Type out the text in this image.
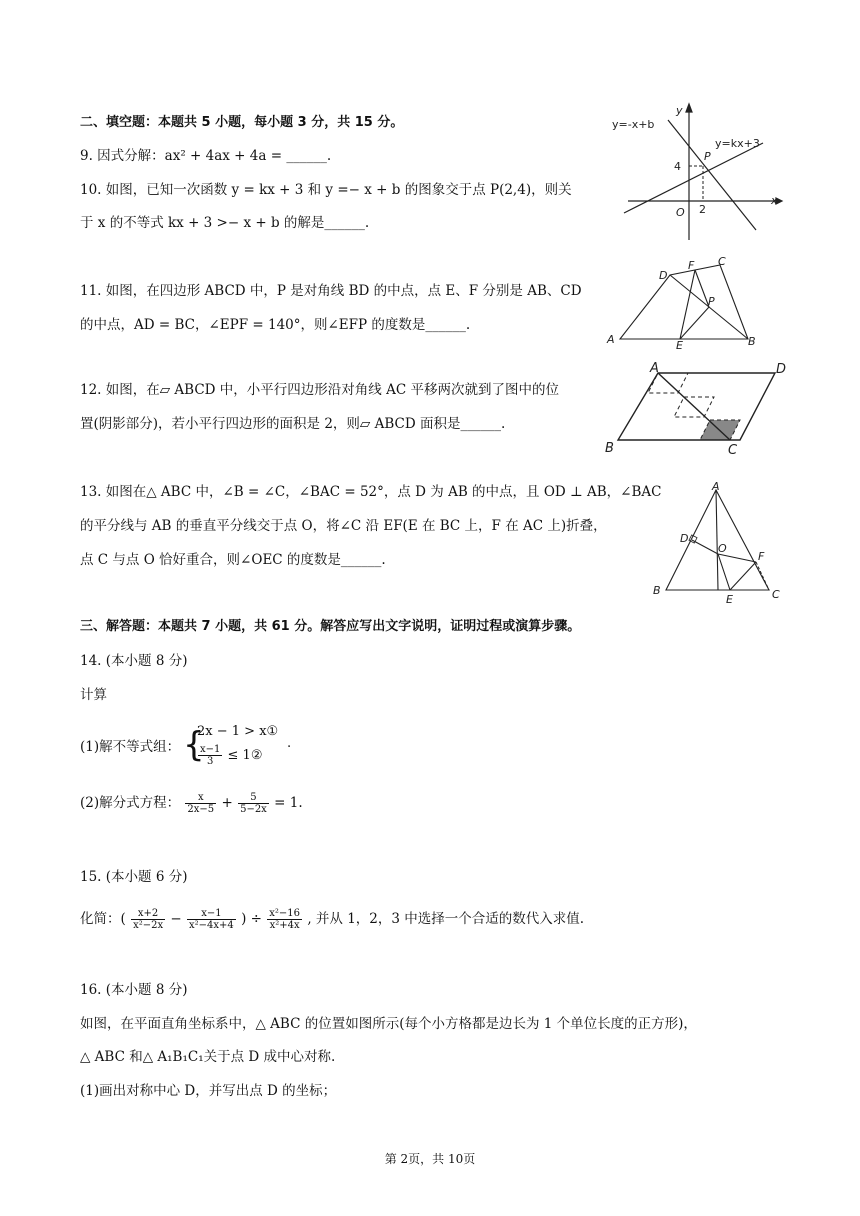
二、填空题：本题共 5 小题，每小题 3 分，共 15 分。
9. 因式分解：ax² + 4ax + 4a = ______.
10. 如图，已知一次函数 y = kx + 3 和 y =− x + b 的图象交于点 P(2,4)，则关
于 x 的不等式 kx + 3 >− x + b 的解是______.
11. 如图，在四边形 ABCD 中，P 是对角线 BD 的中点，点 E、F 分别是 AB、CD
的中点，AD = BC，∠EPF = 140°，则∠EFP 的度数是______.
12. 如图，在▱ ABCD 中，小平行四边形沿对角线 AC 平移两次就到了图中的位
置(阴影部分)，若小平行四边形的面积是 2，则▱ ABCD 面积是______.
13. 如图在△ ABC 中，∠B = ∠C，∠BAC = 52°，点 D 为 AB 的中点，且 OD ⊥ AB，∠BAC
的平分线与 AB 的垂直平分线交于点 O，将∠C 沿 EF(E 在 BC 上，F 在 AC 上)折叠，
点 C 与点 O 恰好重合，则∠OEC 的度数是______.
三、解答题：本题共 7 小题，共 61 分。解答应写出文字说明，证明过程或演算步骤。
14. (本小题 8 分)
计算
(1)解不等式组： {
2x − 1 > x①
$\frac{x-1}{3}$ ≤ 1②
.
(2)解分式方程： $\frac{x}{2x-5} + \frac{5}{5-2x} = 1$.
15. (本小题 6 分)
化简：( $\frac{x+2}{\text{x²−2x}} - \frac{x-1}{\text{x²−4x+4}}$ ) ÷ $\frac{\text{x²−16}}{\text{x²+4x}}$ , 并从 1，2，3 中选择一个合适的数代入求值.
16. (本小题 8 分)
如图，在平面直角坐标系中，△ ABC 的位置如图所示(每个小方格都是边长为 1 个单位长度的正方形)，
△ ABC 和△ A₁B₁C₁关于点 D 成中心对称.
(1)画出对称中心 D，并写出点 D 的坐标；
y=-x+b
y=kx+3
y
x
O
P
4
2
A	B
C
D
E
F
P
A
B	C
D
A
B	C
D
E
F
O
第 2页，共 10页
